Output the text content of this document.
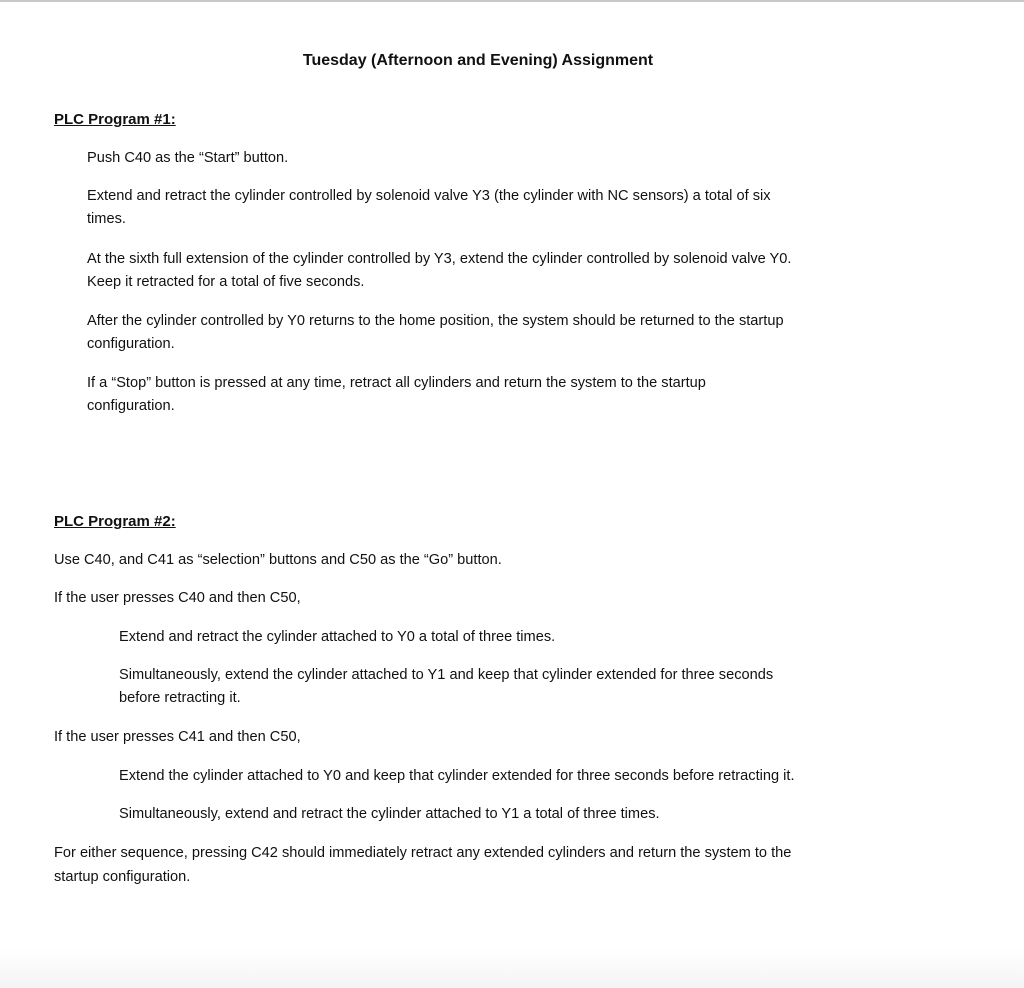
Tuesday (Afternoon and Evening) Assignment
PLC Program #1:
Push C40 as the “Start” button.
Extend and retract the cylinder controlled by solenoid valve Y3 (the cylinder with NC sensors) a total of six
times.
At the sixth full extension of the cylinder controlled by Y3, extend the cylinder controlled by solenoid valve Y0.
Keep it retracted for a total of five seconds.
After the cylinder controlled by Y0 returns to the home position, the system should be returned to the startup
configuration.
If a “Stop” button is pressed at any time, retract all cylinders and return the system to the startup
configuration.
PLC Program #2:
Use C40, and C41 as “selection” buttons and C50 as the “Go” button.
If the user presses C40 and then C50,
Extend and retract the cylinder attached to Y0 a total of three times.
Simultaneously, extend the cylinder attached to Y1 and keep that cylinder extended for three seconds
before retracting it.
If the user presses C41 and then C50,
Extend the cylinder attached to Y0 and keep that cylinder extended for three seconds before retracting it.
Simultaneously, extend and retract the cylinder attached to Y1 a total of three times.
For either sequence, pressing C42 should immediately retract any extended cylinders and return the system to the
startup configuration.
